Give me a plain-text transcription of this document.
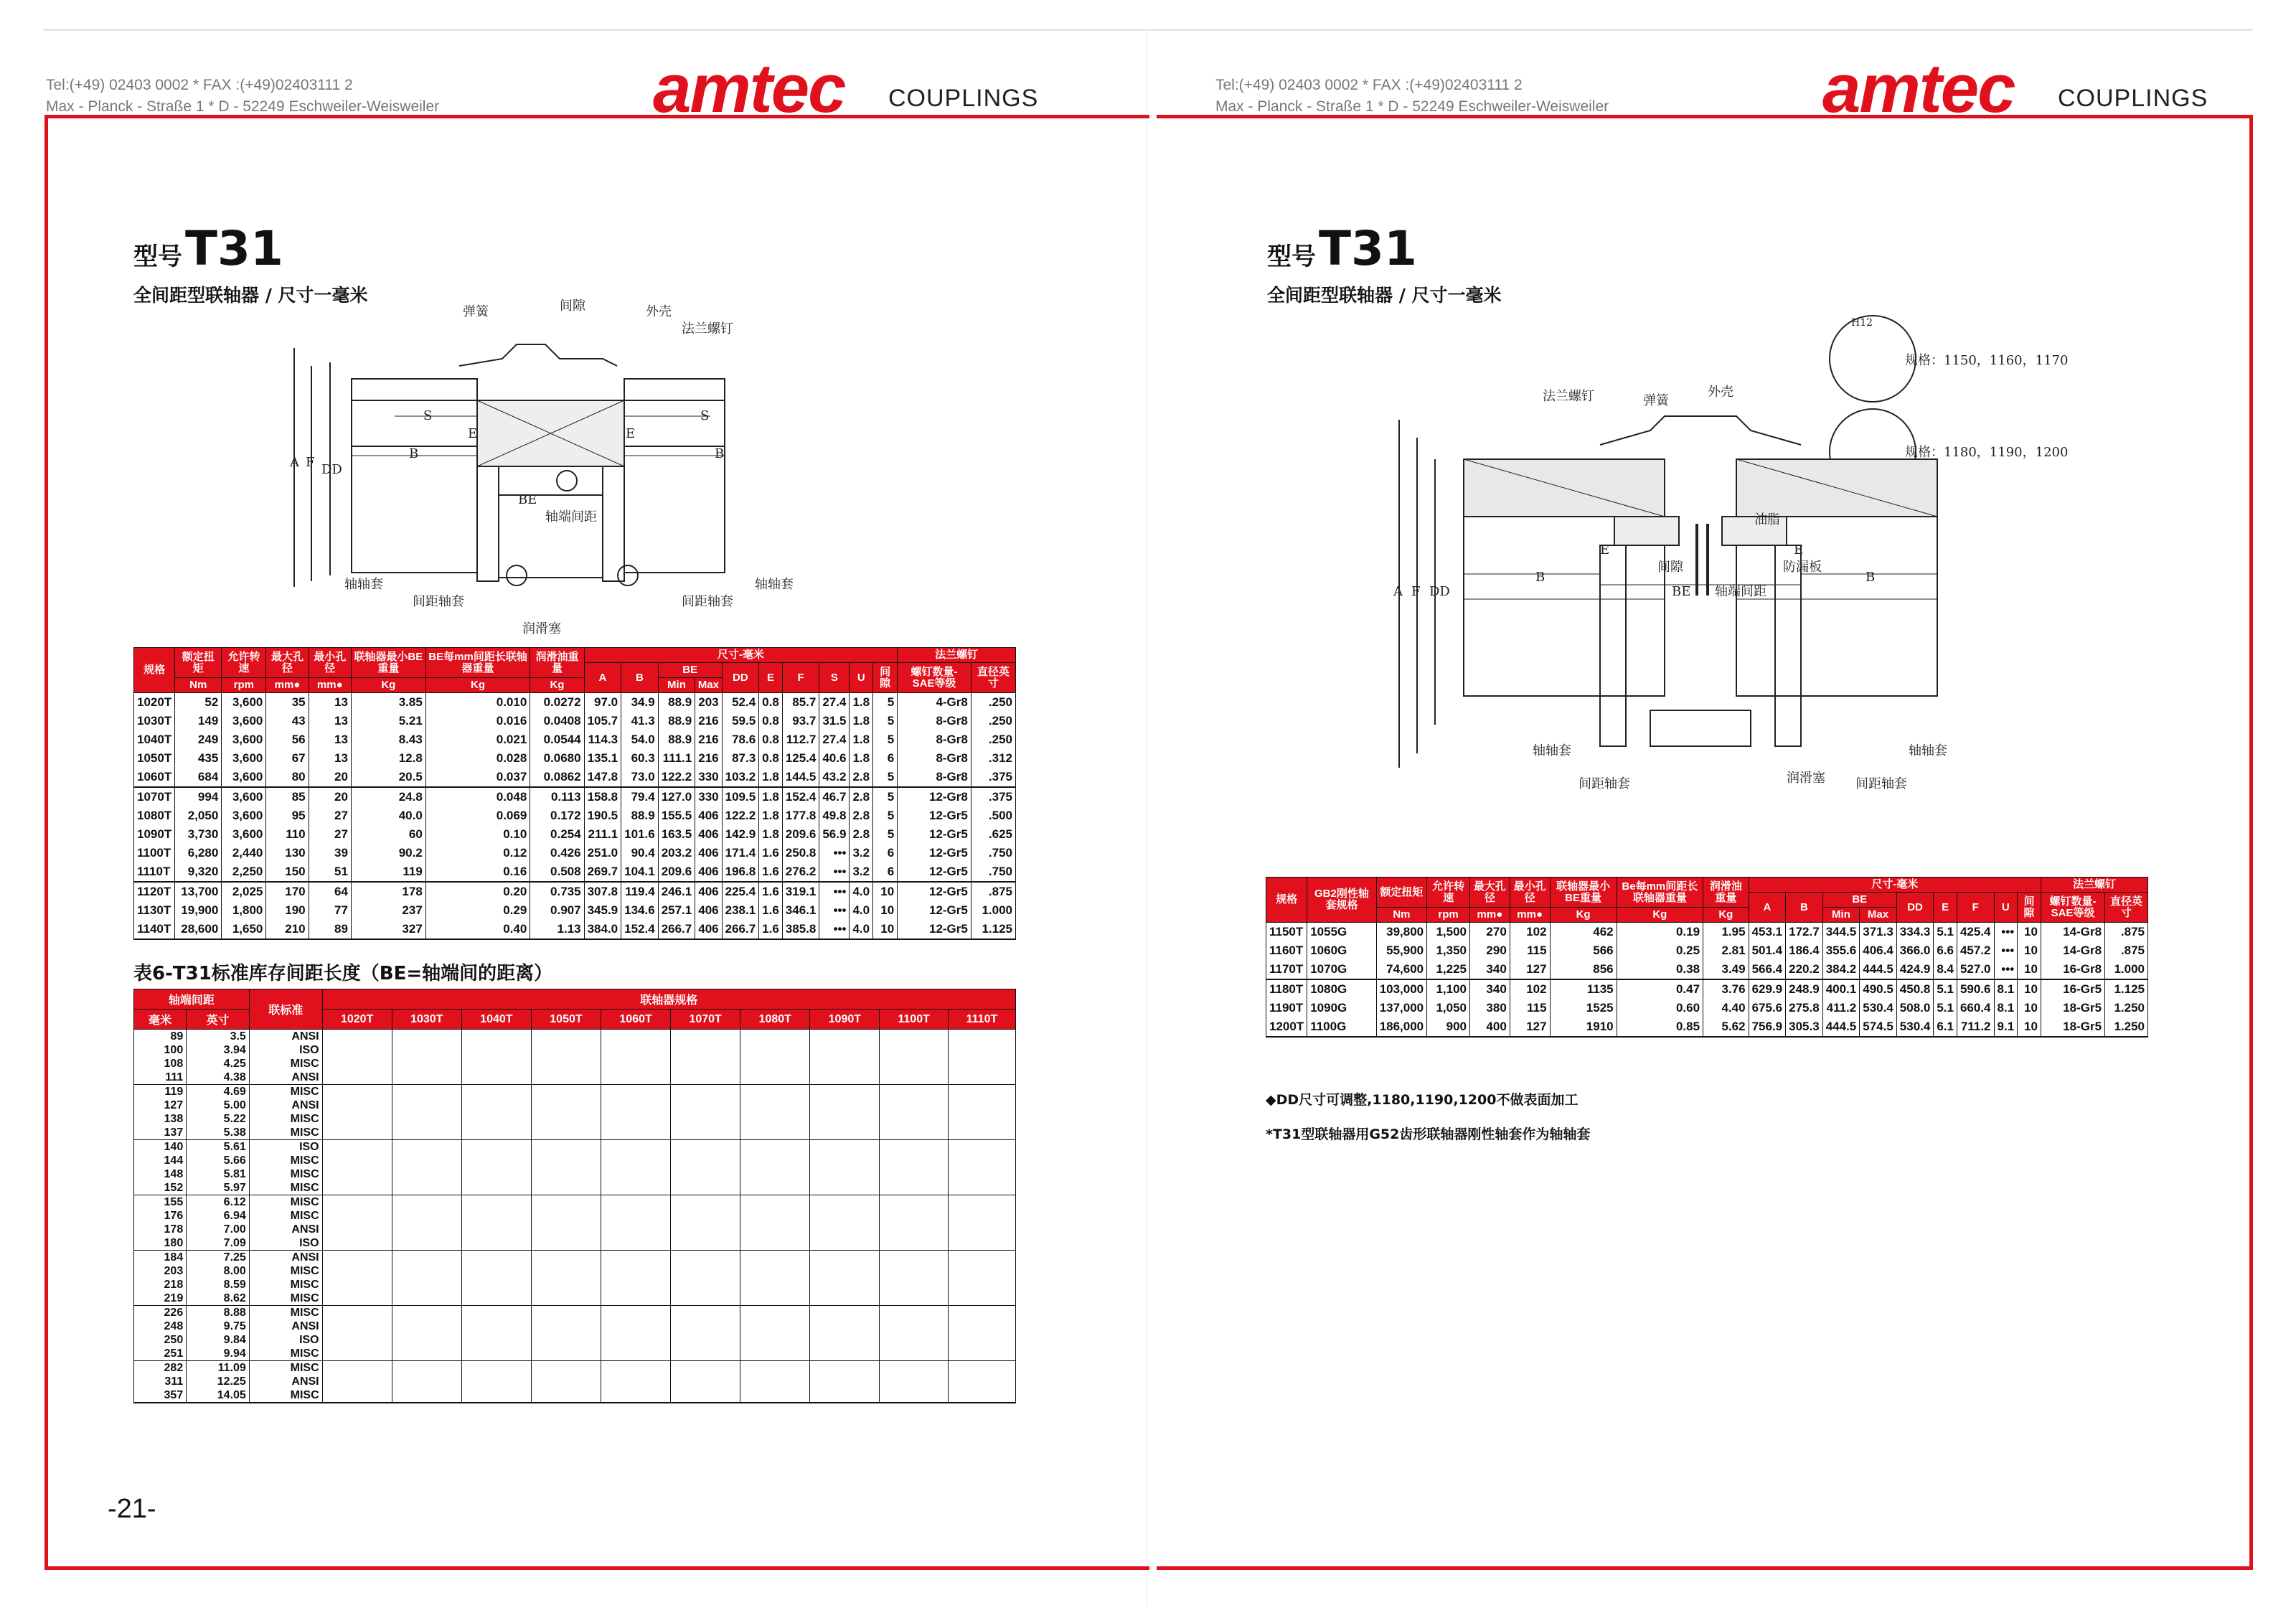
Tel:(+49) 02403 0002 * FAX :(+49)02403111 2
Max - Planck - Straße 1 * D - 52249 Eschweiler-Weisweiler	amtec COUPLINGS	Tel:(+49) 02403 0002 * FAX :(+49)02403111 2
Max - Planck - Straße 1 * D - 52249 Eschweiler-Weisweiler	amtec COUPLINGS
型号T31
全间距型联轴器 / 尺寸一毫米
弹簧	间隙	外壳
法兰螺钉
S	S
B	B
A F DD
E	E
BE
轴端间距
轴轴套
间距轴套	间距轴套
轴轴套
润滑塞
规格	额定扭矩	允许转速	最大孔径	最小孔径	联轴器最小BE重量	BE每mm间距长联轴器重量	润滑油重量	尺寸-毫米										法兰螺钉	
								A	B	BE		DD	E	F	S	U	间隙	螺钉数量-SAE等级	直径英寸
	Nm	rpm	mm●	mm●	Kg	Kg	Kg			Min	Max								
1020T	52	3,600	35	13	3.85	0.010	0.0272	97.0	34.9	88.9	203	52.4	0.8	85.7	27.4	1.8	5	4-Gr8	.250
1030T	149	3,600	43	13	5.21	0.016	0.0408	105.7	41.3	88.9	216	59.5	0.8	93.7	31.5	1.8	5	8-Gr8	.250
1040T	249	3,600	56	13	8.43	0.021	0.0544	114.3	54.0	88.9	216	78.6	0.8	112.7	27.4	1.8	5	8-Gr8	.250
1050T	435	3,600	67	13	12.8	0.028	0.0680	135.1	60.3	111.1	216	87.3	0.8	125.4	40.6	1.8	6	8-Gr8	.312
1060T	684	3,600	80	20	20.5	0.037	0.0862	147.8	73.0	122.2	330	103.2	1.8	144.5	43.2	2.8	5	8-Gr8	.375
1070T	994	3,600	85	20	24.8	0.048	0.113	158.8	79.4	127.0	330	109.5	1.8	152.4	46.7	2.8	5	12-Gr8	.375
1080T	2,050	3,600	95	27	40.0	0.069	0.172	190.5	88.9	155.5	406	122.2	1.8	177.8	49.8	2.8	5	12-Gr5	.500
1090T	3,730	3,600	110	27	60	0.10	0.254	211.1	101.6	163.5	406	142.9	1.8	209.6	56.9	2.8	5	12-Gr5	.625
1100T	6,280	2,440	130	39	90.2	0.12	0.426	251.0	90.4	203.2	406	171.4	1.6	250.8	•••	3.2	6	12-Gr5	.750
1110T	9,320	2,250	150	51	119	0.16	0.508	269.7	104.1	209.6	406	196.8	1.6	276.2	•••	3.2	6	12-Gr5	.750
1120T	13,700	2,025	170	64	178	0.20	0.735	307.8	119.4	246.1	406	225.4	1.6	319.1	•••	4.0	10	12-Gr5	.875
1130T	19,900	1,800	190	77	237	0.29	0.907	345.9	134.6	257.1	406	238.1	1.6	346.1	•••	4.0	10	12-Gr5	1.000
1140T	28,600	1,650	210	89	327	0.40	1.13	384.0	152.4	266.7	406	266.7	1.6	385.8	•••	4.0	10	12-Gr5	1.125
表6-T31标准库存间距长度（BE=轴端间的距离）
轴端间距		联标准	联轴器规格									
毫米	英寸		1020T	1030T	1040T	1050T	1060T	1070T	1080T	1090T	1100T	1110T
89	3.5	ANSI										
100	3.94	ISO										
108	4.25	MISC										
111	4.38	ANSI										
119	4.69	MISC										
127	5.00	ANSI										
138	5.22	MISC										
137	5.38	MISC										
140	5.61	ISO										
144	5.66	MISC										
148	5.81	MISC										
152	5.97	MISC										
155	6.12	MISC										
176	6.94	MISC										
178	7.00	ANSI										
180	7.09	ISO										
184	7.25	ANSI										
203	8.00	MISC										
218	8.59	MISC										
219	8.62	MISC										
226	8.88	MISC										
248	9.75	ANSI										
250	9.84	ISO										
251	9.94	MISC										
282	11.09	MISC										
311	12.25	ANSI										
357	14.05	MISC										
-21-
型号T31
全间距型联轴器 / 尺寸一毫米
H12
规格：1150，1160，1170
规格：1180，1190，1200
法兰螺钉	弹簧
外壳
油脂
间隙	防漏板
B	B
BE 轴端间距
E	E
A F DD
轴轴套
间距轴套	润滑塞 间距轴套
轴轴套
规格	GB2刚性轴套规格	额定扭矩	允许转速	最大孔径	最小孔径	联轴器最小BE重量	Be每mm间距长联轴器重量	润滑油重量	尺寸-毫米									法兰螺钉	
									A	B	BE		DD	E	F	U	间隙	螺钉数量-SAE等级	直径英寸
		Nm	rpm	mm●	mm●	Kg	Kg	Kg			Min	Max							
1150T	1055G	39,800	1,500	270	102	462	0.19	1.95	453.1	172.7	344.5	371.3	334.3	5.1	425.4	•••	10	14-Gr8	.875
1160T	1060G	55,900	1,350	290	115	566	0.25	2.81	501.4	186.4	355.6	406.4	366.0	6.6	457.2	•••	10	14-Gr8	.875
1170T	1070G	74,600	1,225	340	127	856	0.38	3.49	566.4	220.2	384.2	444.5	424.9	8.4	527.0	•••	10	16-Gr8	1.000
1180T	1080G	103,000	1,100	340	102	1135	0.47	3.76	629.9	248.9	400.1	490.5	450.8	5.1	590.6	8.1	10	16-Gr5	1.125
1190T	1090G	137,000	1,050	380	115	1525	0.60	4.40	675.6	275.8	411.2	530.4	508.0	5.1	660.4	8.1	10	18-Gr5	1.250
1200T	1100G	186,000	900	400	127	1910	0.85	5.62	756.9	305.3	444.5	574.5	530.4	6.1	711.2	9.1	10	18-Gr5	1.250
◆DD尺寸可调整,1180,1190,1200不做表面加工
*T31型联轴器用G52齿形联轴器刚性轴套作为轴轴套
